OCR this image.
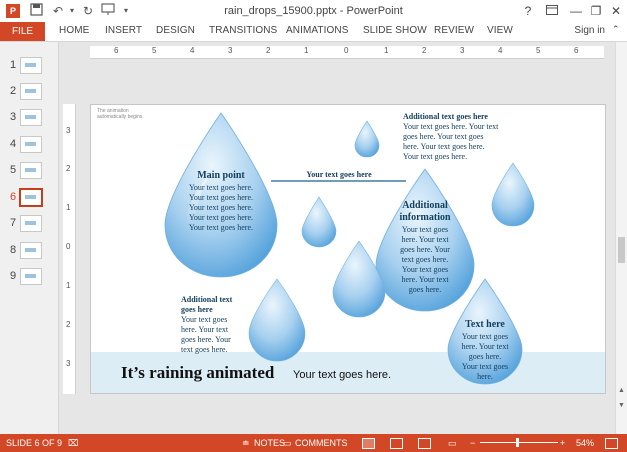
P	↶ ▾ ↻	▾	rain_drops_15900.pptx - PowerPoint	?	— ❐ ✕
FILE	HOME INSERT DESIGN TRANSITIONS ANIMATIONS SLIDE SHOW REVIEW VIEW	Sign in ⌃
1
2
3
4
5
6
7
8
9
6	5	4	3	2	1	0	1	2	3	4	5	6
3
2
1
0
1
2
3
▲
▼
The animation automatically begins.
Main point
Your text goes here.
Your text goes here.
Your text goes here.
Your text goes here.
Your text goes here.
Your text goes here
Additional text goes here
Your text goes here. Your text
goes here. Your text goes
here. Your text goes here.
Your text goes here.
Additional
information
Your text goes
here. Your text
goes here. Your
text goes here.
Your text goes
here. Your text
goes here.
Additional text
goes here
Your text goes
here. Your text
goes here. Your
text goes here.
Text here
Your text goes
here. Your text
goes here.
Your text goes
here.
It’s raining animated Your text goes here.
SLIDE 6 OF 9 ⌧	≐ NOTES
▭ COMMENTS	▭ −	+ 54%
